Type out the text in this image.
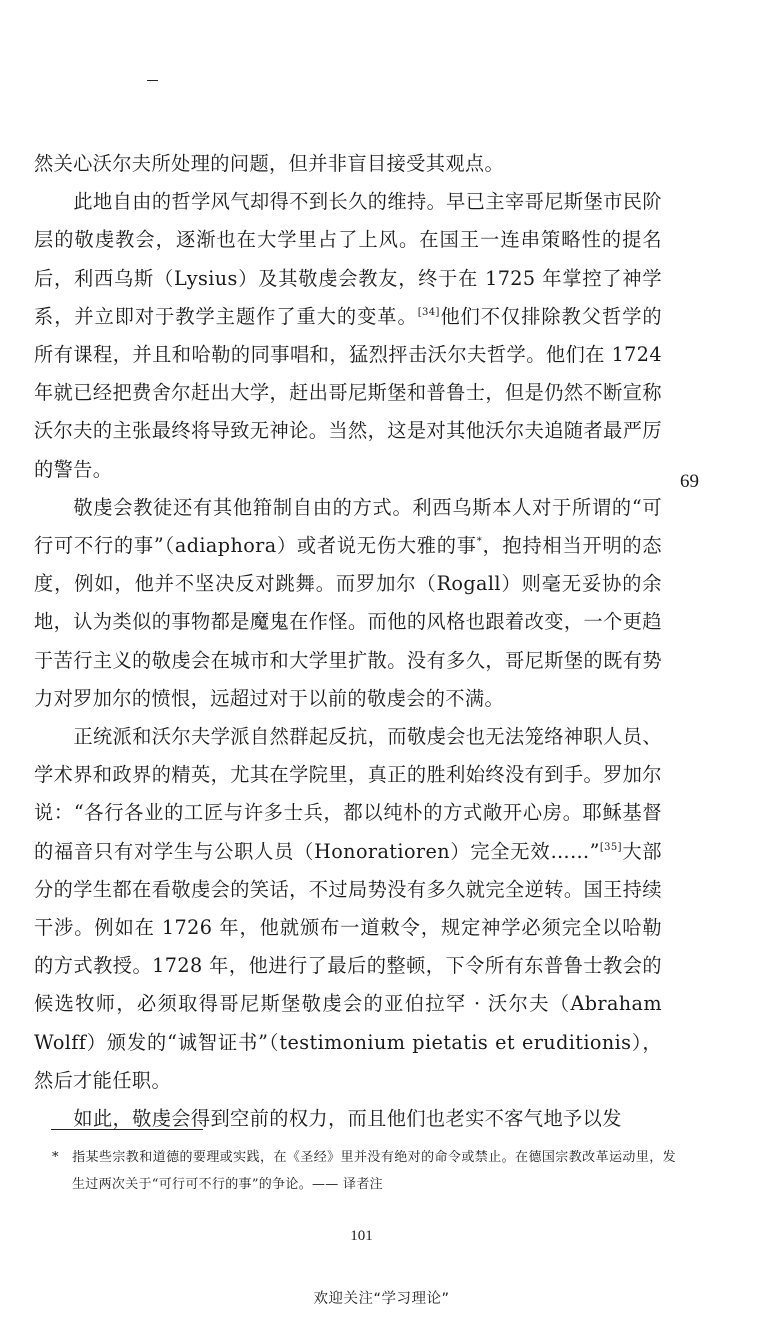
然关心沃尔夫所处理的问题，但并非盲目接受其观点。

此地自由的哲学风气却得不到长久的维持。早已主宰哥尼斯堡市民阶层的敬虔教会，逐渐也在大学里占了上风。在国王一连串策略性的提名后，利西乌斯（Lysius）及其敬虔会教友，终于在 1725 年掌控了神学系，并立即对于教学主题作了重大的变革。[34]他们不仅排除教父哲学的所有课程，并且和哈勒的同事唱和，猛烈抨击沃尔夫哲学。他们在 1724 年就已经把费舍尔赶出大学，赶出哥尼斯堡和普鲁士，但是仍然不断宣称沃尔夫的主张最终将导致无神论。当然，这是对其他沃尔夫追随者最严厉的警告。

敬虔会教徒还有其他箝制自由的方式。利西乌斯本人对于所谓的“可行可不行的事”（adiaphora）或者说无伤大雅的事*，抱持相当开明的态度，例如，他并不坚决反对跳舞。而罗加尔（Rogall）则毫无妥协的余地，认为类似的事物都是魔鬼在作怪。而他的风格也跟着改变，一个更趋于苦行主义的敬虔会在城市和大学里扩散。没有多久，哥尼斯堡的既有势力对罗加尔的愤恨，远超过对于以前的敬虔会的不满。

正统派和沃尔夫学派自然群起反抗，而敬虔会也无法笼络神职人员、学术界和政界的精英，尤其在学院里，真正的胜利始终没有到手。罗加尔说：“各行各业的工匠与许多士兵，都以纯朴的方式敞开心房。耶稣基督的福音只有对学生与公职人员（Honoratioren）完全无效……”[35]大部分的学生都在看敬虔会的笑话，不过局势没有多久就完全逆转。国王持续干涉。例如在 1726 年，他就颁布一道敕令，规定神学必须完全以哈勒的方式教授。1728 年，他进行了最后的整顿，下令所有东普鲁士教会的候选牧师，必须取得哥尼斯堡敬虔会的亚伯拉罕 · 沃尔夫（Abraham Wolff）颁发的“诚智证书”（testimonium pietatis et eruditionis），然后才能任职。

如此，敬虔会得到空前的权力，而且他们也老实不客气地予以发

69

* 指某些宗教和道德的要理或实践，在《圣经》里并没有绝对的命令或禁止。在德国宗教改革运动里，发生过两次关于“可行可不行的事”的争论。—— 译者注

101
欢迎关注“学习理论”
